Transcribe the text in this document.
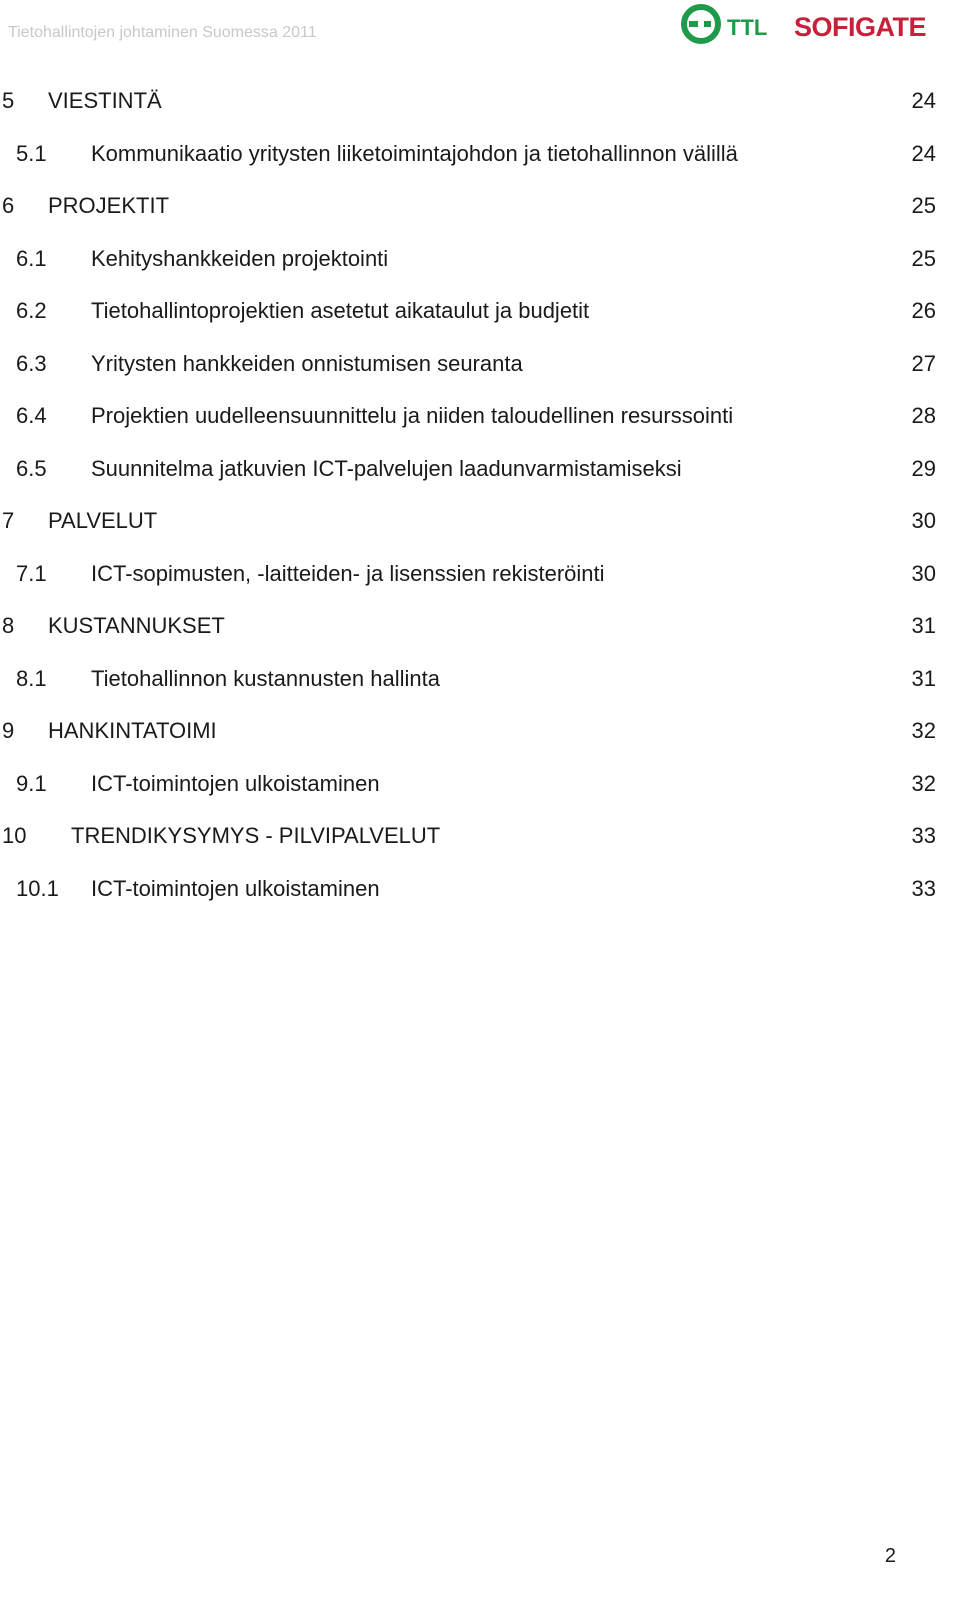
Tietohallintojen johtaminen Suomessa 2011	TTL SOFIGATE
5 VIESTINTÄ	24
5.1 Kommunikaatio yritysten liiketoimintajohdon ja tietohallinnon välillä	24
6 PROJEKTIT	25
6.1 Kehityshankkeiden projektointi	25
6.2 Tietohallintoprojektien asetetut aikataulut ja budjetit	26
6.3 Yritysten hankkeiden onnistumisen seuranta	27
6.4 Projektien uudelleensuunnittelu ja niiden taloudellinen resurssointi	28
6.5 Suunnitelma jatkuvien ICT-palvelujen laadunvarmistamiseksi	29
7 PALVELUT	30
7.1 ICT-sopimusten, -laitteiden- ja lisenssien rekisteröinti	30
8 KUSTANNUKSET	31
8.1 Tietohallinnon kustannusten hallinta	31
9 HANKINTATOIMI	32
9.1 ICT-toimintojen ulkoistaminen	32
10 TRENDIKYSYMYS - PILVIPALVELUT	33
10.1 ICT-toimintojen ulkoistaminen	33
2
